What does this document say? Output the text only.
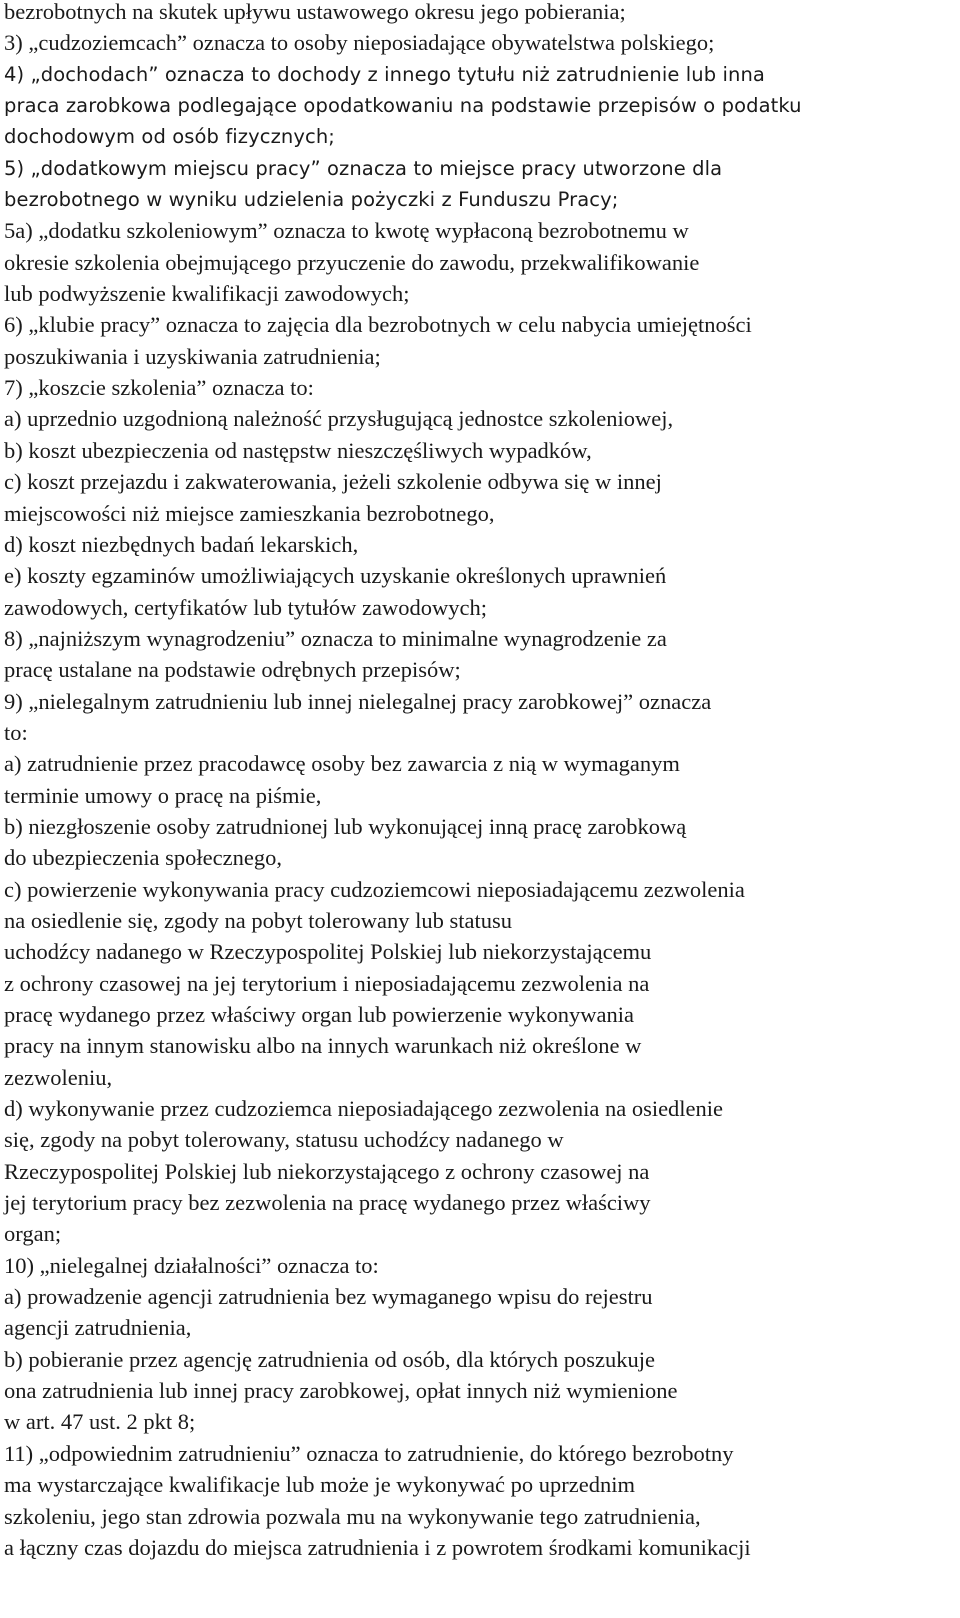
bezrobotnych na skutek upływu ustawowego okresu jego pobierania;

3) „cudzoziemcach” oznacza to osoby nieposiadające obywatelstwa polskiego;

4) „dochodach” oznacza to dochody z innego tytułu niż zatrudnienie lub inna

praca zarobkowa podlegające opodatkowaniu na podstawie przepisów o podatku

dochodowym od osób fizycznych;

5) „dodatkowym miejscu pracy” oznacza to miejsce pracy utworzone dla

bezrobotnego w wyniku udzielenia pożyczki z Funduszu Pracy;

5a) „dodatku szkoleniowym” oznacza to kwotę wypłaconą bezrobotnemu w

okresie szkolenia obejmującego przyuczenie do zawodu, przekwalifikowanie

lub podwyższenie kwalifikacji zawodowych;

6) „klubie pracy” oznacza to zajęcia dla bezrobotnych w celu nabycia umiejętności

poszukiwania i uzyskiwania zatrudnienia;

7) „koszcie szkolenia” oznacza to:

a) uprzednio uzgodnioną należność przysługującą jednostce szkoleniowej,

b) koszt ubezpieczenia od następstw nieszczęśliwych wypadków,

c) koszt przejazdu i zakwaterowania, jeżeli szkolenie odbywa się w innej

miejscowości niż miejsce zamieszkania bezrobotnego,

d) koszt niezbędnych badań lekarskich,

e) koszty egzaminów umożliwiających uzyskanie określonych uprawnień

zawodowych, certyfikatów lub tytułów zawodowych;

8) „najniższym wynagrodzeniu” oznacza to minimalne wynagrodzenie za

pracę ustalane na podstawie odrębnych przepisów;

9) „nielegalnym zatrudnieniu lub innej nielegalnej pracy zarobkowej” oznacza

to:

a) zatrudnienie przez pracodawcę osoby bez zawarcia z nią w wymaganym

terminie umowy o pracę na piśmie,

b) niezgłoszenie osoby zatrudnionej lub wykonującej inną pracę zarobkową

do ubezpieczenia społecznego,

c) powierzenie wykonywania pracy cudzoziemcowi nieposiadającemu zezwolenia

na osiedlenie się, zgody na pobyt tolerowany lub statusu

uchodźcy nadanego w Rzeczypospolitej Polskiej lub niekorzystającemu

z ochrony czasowej na jej terytorium i nieposiadającemu zezwolenia na

pracę wydanego przez właściwy organ lub powierzenie wykonywania

pracy na innym stanowisku albo na innych warunkach niż określone w

zezwoleniu,

d) wykonywanie przez cudzoziemca nieposiadającego zezwolenia na osiedlenie

się, zgody na pobyt tolerowany, statusu uchodźcy nadanego w

Rzeczypospolitej Polskiej lub niekorzystającego z ochrony czasowej na

jej terytorium pracy bez zezwolenia na pracę wydanego przez właściwy

organ;

10) „nielegalnej działalności” oznacza to:

a) prowadzenie agencji zatrudnienia bez wymaganego wpisu do rejestru

agencji zatrudnienia,

b) pobieranie przez agencję zatrudnienia od osób, dla których poszukuje

ona zatrudnienia lub innej pracy zarobkowej, opłat innych niż wymienione

w art. 47 ust. 2 pkt 8;

11) „odpowiednim zatrudnieniu” oznacza to zatrudnienie, do którego bezrobotny

ma wystarczające kwalifikacje lub może je wykonywać po uprzednim

szkoleniu, jego stan zdrowia pozwala mu na wykonywanie tego zatrudnienia,

a łączny czas dojazdu do miejsca zatrudnienia i z powrotem środkami komunikacji
